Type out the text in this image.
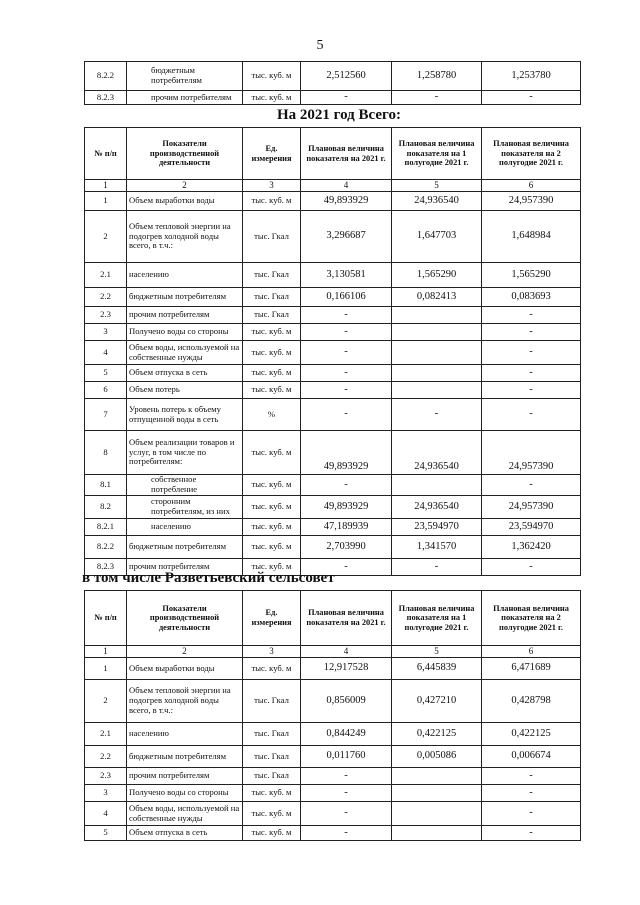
5
8.2.2	бюджетным потребителям	тыс. куб. м	2,512560	1,258780	1,253780
8.2.3	прочим потребителям	тыс. куб. м	-	-	-
На 2021 год Всего:
№ п/п	Показатели производственной деятельности	Ед. измерения	Плановая величина показателя на 2021 г.	Плановая величина показателя на 1 полугодие 2021 г.	Плановая величина показателя на 2 полугодие 2021 г.
1	2	3	4	5	6
1	Объем выработки воды	тыс. куб. м	49,893929	24,936540	24,957390
2	Объем тепловой энергии на подогрев холодной воды всего, в т.ч.:	тыс. Гкал	3,296687	1,647703	1,648984
2.1	населению	тыс. Гкал	3,130581	1,565290	1,565290
2.2	бюджетным потребителям	тыс. Гкал	0,166106	0,082413	0,083693
2.3	прочим потребителям	тыс. Гкал	-		-
3	Получено воды со стороны	тыс. куб. м	-		-
4	Объем воды, используемой на собственные нужды	тыс. куб. м	-		-
5	Объем отпуска в сеть	тыс. куб. м	-		-
6	Объем потерь	тыс. куб. м	-		-
7	Уровень потерь к объему отпущенной воды в сеть	%	-	-	-
8	Объем реализации товаров и услуг, в том числе по потребителям:	тыс. куб. м	49,893929	24,936540	24,957390
8.1	собственное потребление	тыс. куб. м	-		-
8.2	сторонним потребителям, из них	тыс. куб. м	49,893929	24,936540	24,957390
8.2.1	населению	тыс. куб. м	47,189939	23,594970	23,594970
8.2.2	бюджетным потребителям	тыс. куб. м	2,703990	1,341570	1,362420
8.2.3	прочим потребителям	тыс. куб. м	-	-	-
в том числе Разветьевский сельсовет
№ п/п	Показатели производственной деятельности	Ед. измерения	Плановая величина показателя на 2021 г.	Плановая величина показателя на 1 полугодие 2021 г.	Плановая величина показателя на 2 полугодие 2021 г.
1	2	3	4	5	6
1	Объем выработки воды	тыс. куб. м	12,917528	6,445839	6,471689
2	Объем тепловой энергии на подогрев холодной воды всего, в т.ч.:	тыс. Гкал	0,856009	0,427210	0,428798
2.1	населению	тыс. Гкал	0,844249	0,422125	0,422125
2.2	бюджетным потребителям	тыс. Гкал	0,011760	0,005086	0,006674
2.3	прочим потребителям	тыс. Гкал	-		-
3	Получено воды со стороны	тыс. куб. м	-		-
4	Объем воды, используемой на собственные нужды	тыс. куб. м	-		-
5	Объем отпуска в сеть	тыс. куб. м	-		-
